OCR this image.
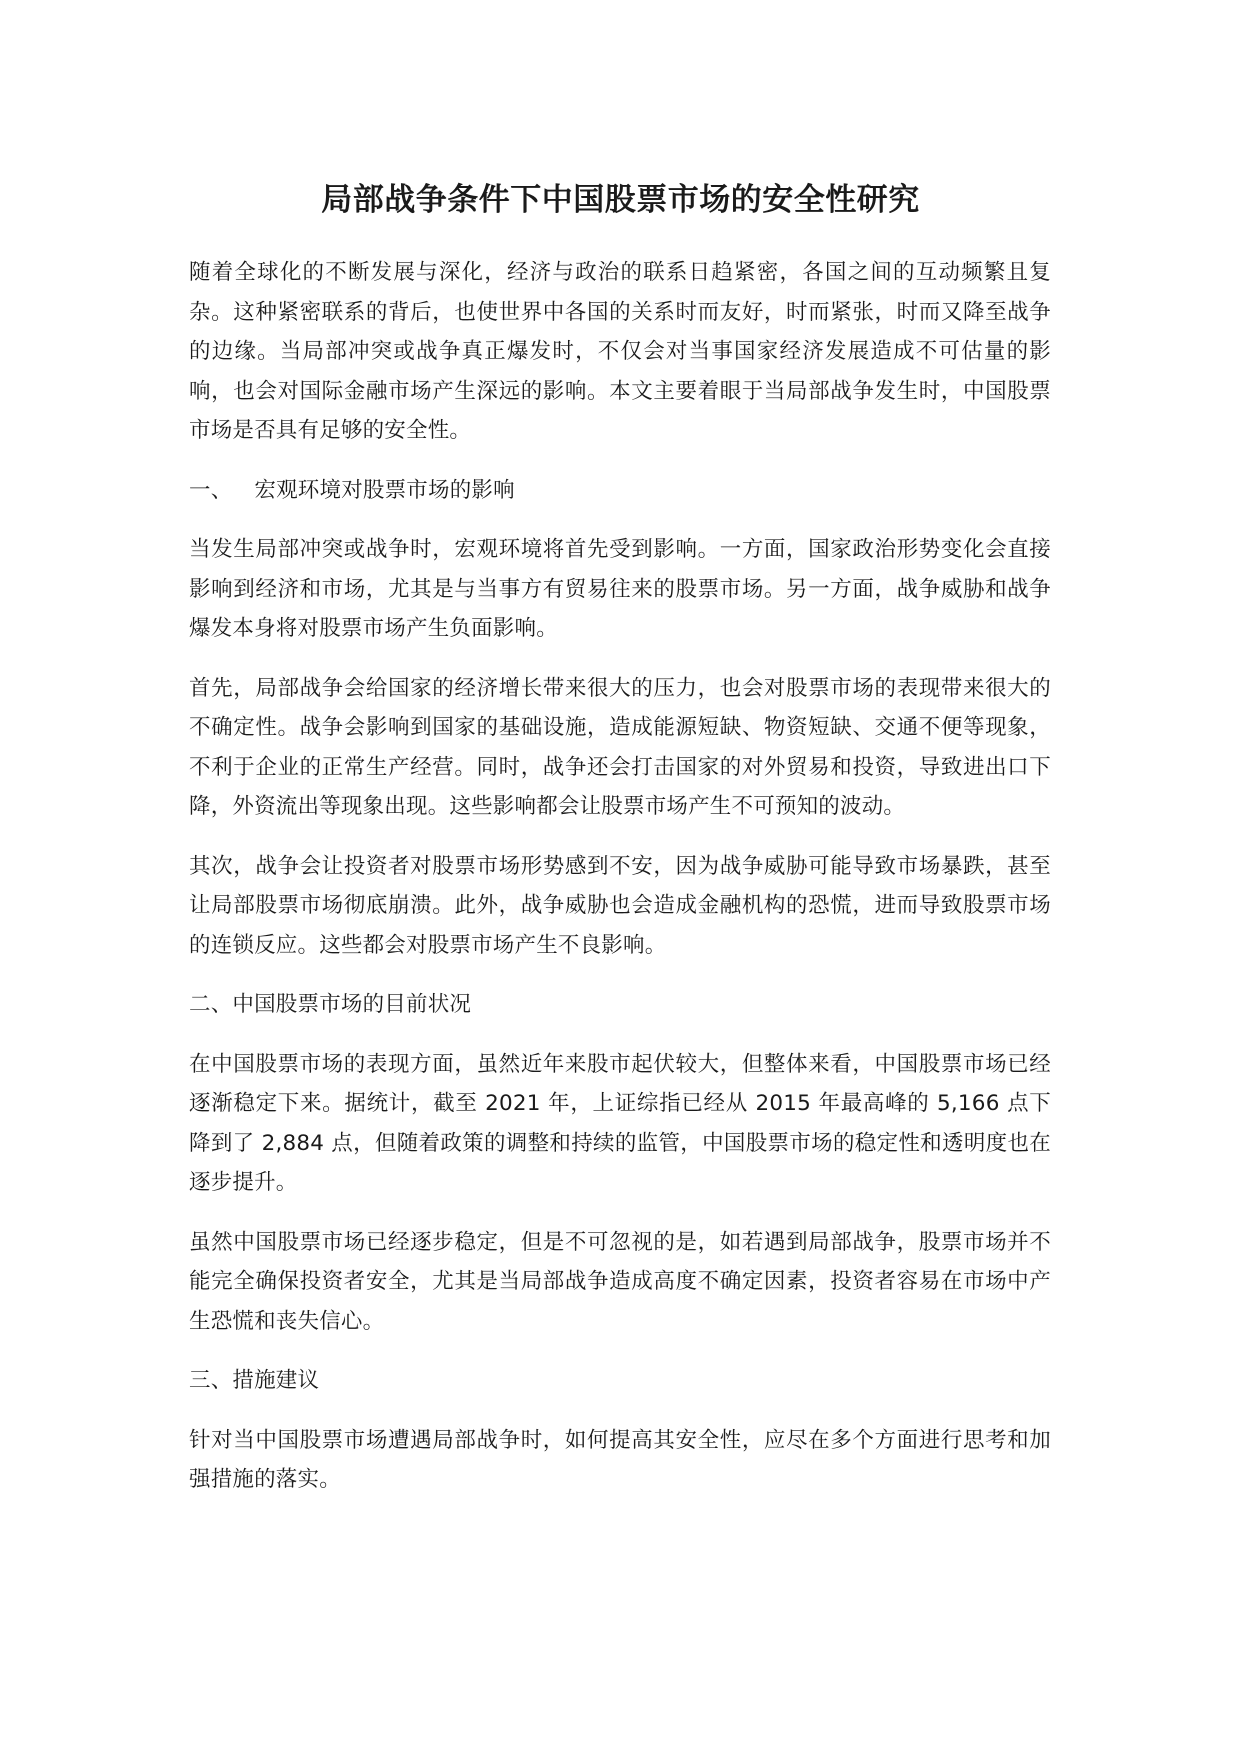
局部战争条件下中国股票市场的安全性研究

随着全球化的不断发展与深化，经济与政治的联系日趋紧密，各国之间的互动频繁且复杂。这种紧密联系的背后，也使世界中各国的关系时而友好，时而紧张，时而又降至战争的边缘。当局部冲突或战争真正爆发时，不仅会对当事国家经济发展造成不可估量的影响，也会对国际金融市场产生深远的影响。本文主要着眼于当局部战争发生时，中国股票市场是否具有足够的安全性。

一、 宏观环境对股票市场的影响

当发生局部冲突或战争时，宏观环境将首先受到影响。一方面，国家政治形势变化会直接影响到经济和市场，尤其是与当事方有贸易往来的股票市场。另一方面，战争威胁和战争爆发本身将对股票市场产生负面影响。

首先，局部战争会给国家的经济增长带来很大的压力，也会对股票市场的表现带来很大的不确定性。战争会影响到国家的基础设施，造成能源短缺、物资短缺、交通不便等现象，不利于企业的正常生产经营。同时，战争还会打击国家的对外贸易和投资，导致进出口下降，外资流出等现象出现。这些影响都会让股票市场产生不可预知的波动。

其次，战争会让投资者对股票市场形势感到不安，因为战争威胁可能导致市场暴跌，甚至让局部股票市场彻底崩溃。此外，战争威胁也会造成金融机构的恐慌，进而导致股票市场的连锁反应。这些都会对股票市场产生不良影响。

二、中国股票市场的目前状况

在中国股票市场的表现方面，虽然近年来股市起伏较大，但整体来看，中国股票市场已经逐渐稳定下来。据统计，截至 2021 年，上证综指已经从 2015 年最高峰的 5,166 点下降到了 2,884 点，但随着政策的调整和持续的监管，中国股票市场的稳定性和透明度也在逐步提升。

虽然中国股票市场已经逐步稳定，但是不可忽视的是，如若遇到局部战争，股票市场并不能完全确保投资者安全，尤其是当局部战争造成高度不确定因素，投资者容易在市场中产生恐慌和丧失信心。

三、措施建议

针对当中国股票市场遭遇局部战争时，如何提高其安全性，应尽在多个方面进行思考和加强措施的落实。
